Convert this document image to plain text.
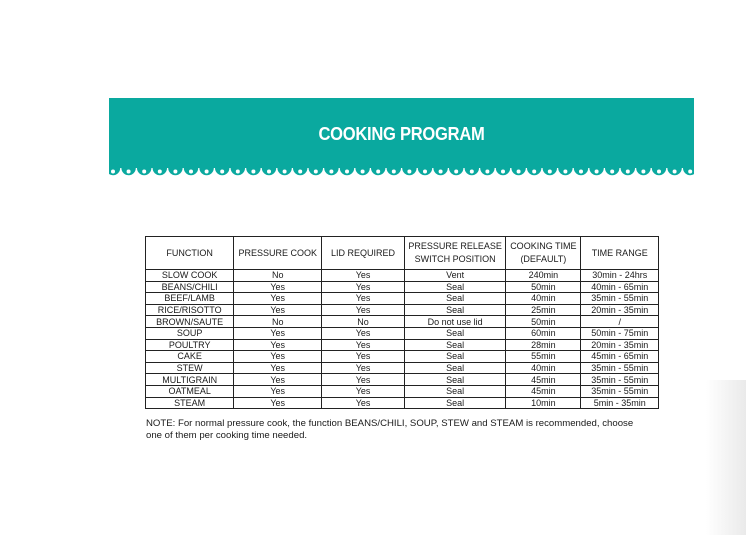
COOKING PROGRAM
FUNCTION	PRESSURE COOK	LID REQUIRED	PRESSURE RELEASE SWITCH POSITION	COOKING TIME (DEFAULT)	TIME RANGE
SLOW COOK	No	Yes	Vent	240min	30min - 24hrs
BEANS/CHILI	Yes	Yes	Seal	50min	40min - 65min
BEEF/LAMB	Yes	Yes	Seal	40min	35min - 55min
RICE/RISOTTO	Yes	Yes	Seal	25min	20min - 35min
BROWN/SAUTE	No	No	Do not use lid	50min	/
SOUP	Yes	Yes	Seal	60min	50min - 75min
POULTRY	Yes	Yes	Seal	28min	20min - 35min
CAKE	Yes	Yes	Seal	55min	45min - 65min
STEW	Yes	Yes	Seal	40min	35min - 55min
MULTIGRAIN	Yes	Yes	Seal	45min	35min - 55min
OATMEAL	Yes	Yes	Seal	45min	35min - 55min
STEAM	Yes	Yes	Seal	10min	5min - 35min
NOTE: For normal pressure cook, the function BEANS/CHILI, SOUP, STEW and STEAM is recommended, choose one of them per cooking time needed.
